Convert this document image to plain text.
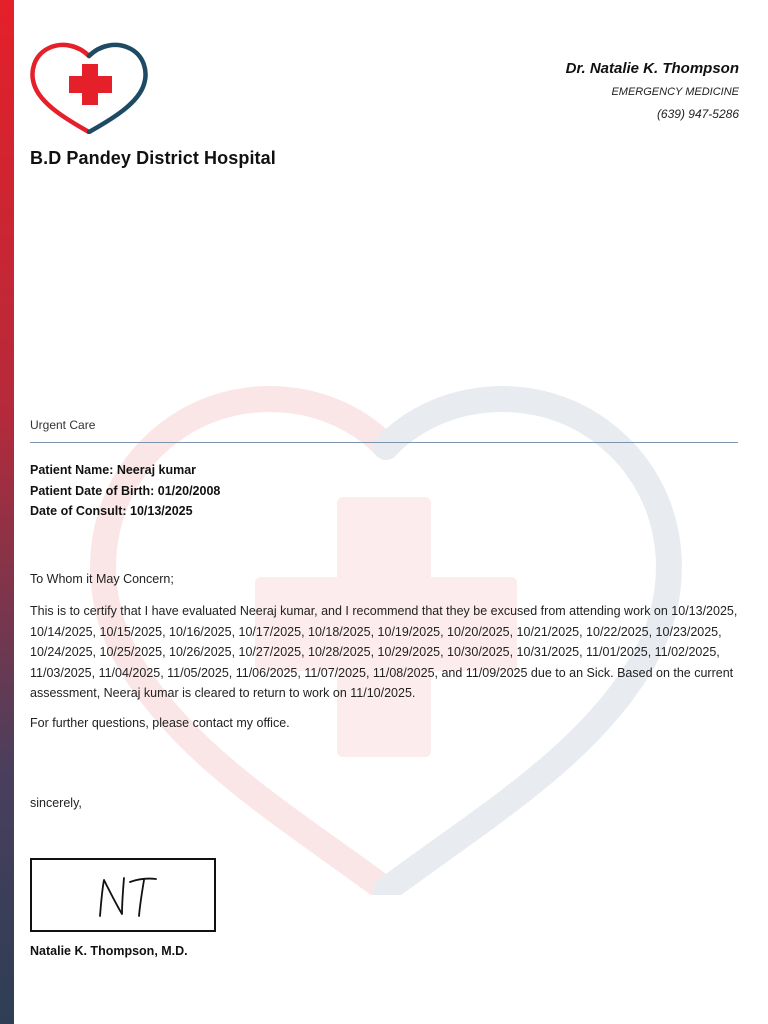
B.D Pandey District Hospital
Dr. Natalie K. Thompson
EMERGENCY MEDICINE
(639) 947-5286
Urgent Care
Patient Name: Neeraj kumar
Patient Date of Birth: 01/20/2008
Date of Consult: 10/13/2025

To Whom it May Concern;

This is to certify that I have evaluated Neeraj kumar, and I recommend that they be excused from attending work on 10/13/2025, 10/14/2025, 10/15/2025, 10/16/2025, 10/17/2025, 10/18/2025, 10/19/2025, 10/20/2025, 10/21/2025, 10/22/2025, 10/23/2025, 10/24/2025, 10/25/2025, 10/26/2025, 10/27/2025, 10/28/2025, 10/29/2025, 10/30/2025, 10/31/2025, 11/01/2025, 11/02/2025, 11/03/2025, 11/04/2025, 11/05/2025, 11/06/2025, 11/07/2025, 11/08/2025, and 11/09/2025 due to an Sick. Based on the current assessment, Neeraj kumar is cleared to return to work on 11/10/2025.

For further questions, please contact my office.

sincerely,
Natalie K. Thompson, M.D.
